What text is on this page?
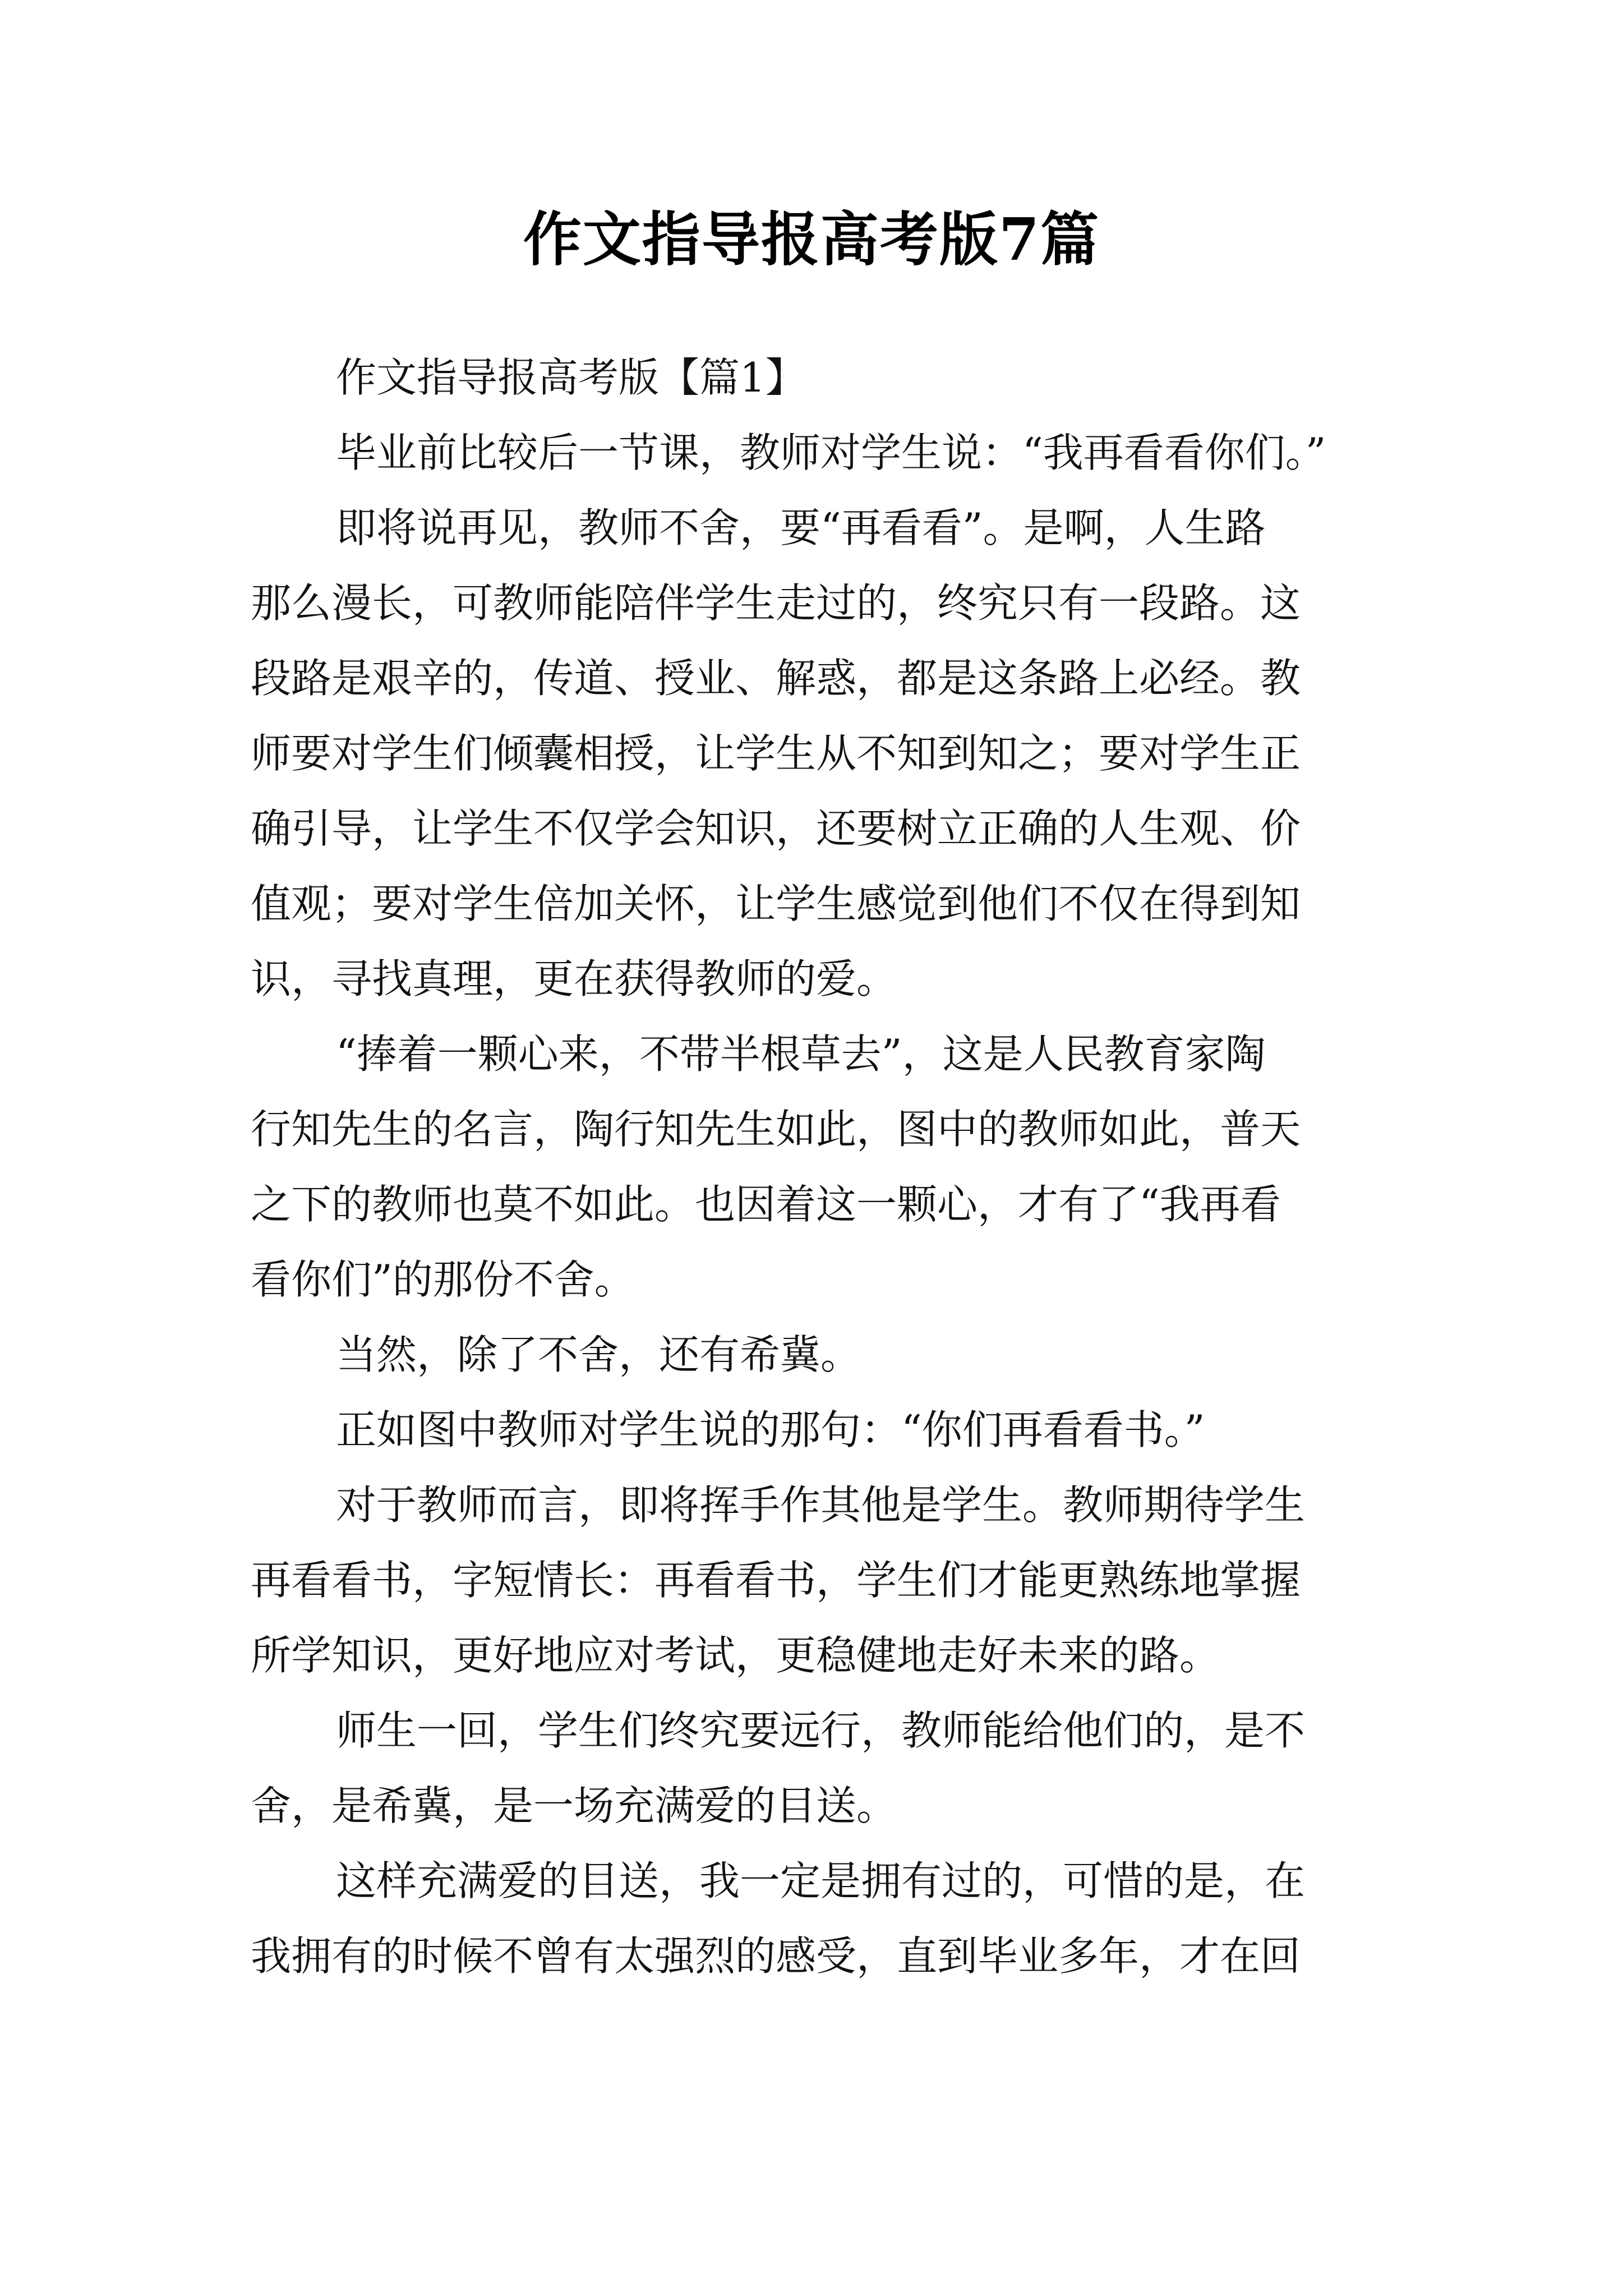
作文指导报高考版7篇
作文指导报高考版【篇1】
毕业前比较后一节课，教师对学生说：“我再看看你们。”
即将说再见，教师不舍，要“再看看”。是啊，人生路
那么漫长，可教师能陪伴学生走过的，终究只有一段路。这
段路是艰辛的，传道、授业、解惑，都是这条路上必经。教
师要对学生们倾囊相授，让学生从不知到知之；要对学生正
确引导，让学生不仅学会知识，还要树立正确的人生观、价
值观；要对学生倍加关怀，让学生感觉到他们不仅在得到知
识，寻找真理，更在获得教师的爱。
“捧着一颗心来，不带半根草去”，这是人民教育家陶
行知先生的名言，陶行知先生如此，图中的教师如此，普天
之下的教师也莫不如此。也因着这一颗心，才有了“我再看
看你们”的那份不舍。
当然，除了不舍，还有希冀。
正如图中教师对学生说的那句：“你们再看看书。”
对于教师而言，即将挥手作其他是学生。教师期待学生
再看看书，字短情长：再看看书，学生们才能更熟练地掌握
所学知识，更好地应对考试，更稳健地走好未来的路。
师生一回，学生们终究要远行，教师能给他们的，是不
舍，是希冀，是一场充满爱的目送。
这样充满爱的目送，我一定是拥有过的，可惜的是，在
我拥有的时候不曾有太强烈的感受，直到毕业多年，才在回
